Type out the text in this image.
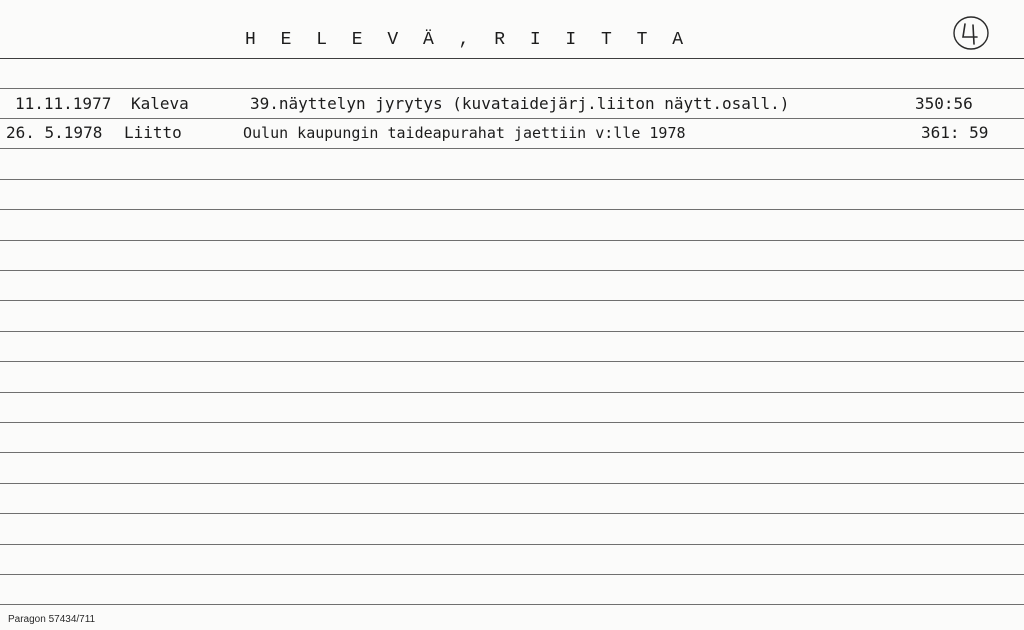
H E L E V Ä , R I I T T A
11.11.1977 Kaleva	39.näyttelyn jyrytys (kuvataidejärj.liiton näytt.osall.)	350:56
26. 5.1978 Liitto	Oulun kaupungin taideapurahat jaettiin v:lle 1978	361: 59
Paragon 57434/711
